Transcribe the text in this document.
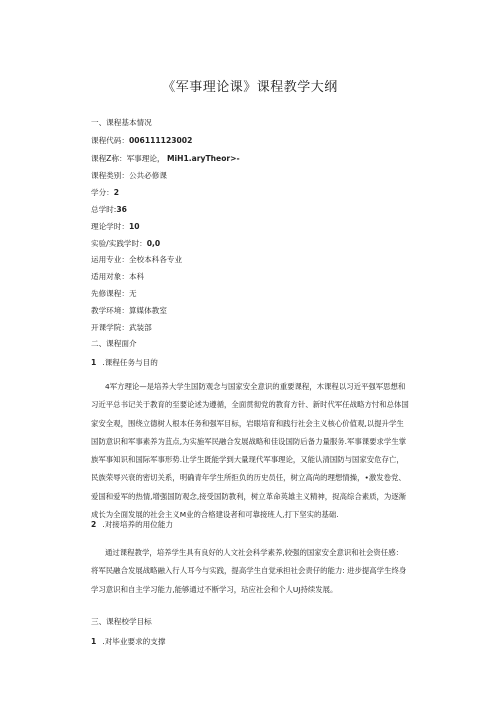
《军事理论课》课程教学大纲
一、课程基本情况
课程代码：006111123002
课程Z称：军事理论， MiH1.aryTheor>-
课程类别：公共必修课
学分：2
总学时:36
理论学时：10
实验/实践学时：0,0
运用专业：全校本科各专业
适用对象：本科
先修课程：无
教学环境：算媒体教室
开课学院：武装部
二、课程面介
1 .课程任务与目的
4军方理论—是培养大学生国防观念与国家安全意识的重要课程，木课程以习近平强军思想和
习近平总书记关于教育的至要论述为遵循，全面贯彻党的教育方针、新时代军任战略方忖和总体国
家安全观，围绕立德树人根本任务和强军目标，岩眼培育和践行社会主义核心价值观,以提升学生
国防意识和军事素养为苴点,为实施军民融合发展战略和佳设国防后备力量服务.军事课要求学生掌
族军事知识和国际军事形势.让学生既能学到大量现代军事理论，又能认清国防与国家安危存亡，
民族荣辱兴衰的密切关系，明确青年学生所拒负的历史员任，树立高尚的理想情操，•激发卷党、
爱国和爱军的热情,增强国防观念,接受国防教利，树立革命英雄主义精神，捉高综合素质，为逐渐
成长为全面发展的社会主义M业的合格建设者和可靠接班人,打下坚实的基础.
2 .对接培养的用位能力
通过课程教学，培养学生具有良好的人文社会科学素养,较强的国家安全意识和社会资任感：
将军民融合发展战略融入行人耳今与实践，提高学生自觉承担社会责仔的能力: 进步提高学生终身
学习意识和自主学习能力,能够通过不断学习，玷应社会和个人UJ持续发展。
三、课程校学目标
1 .对毕业要求的支撑
